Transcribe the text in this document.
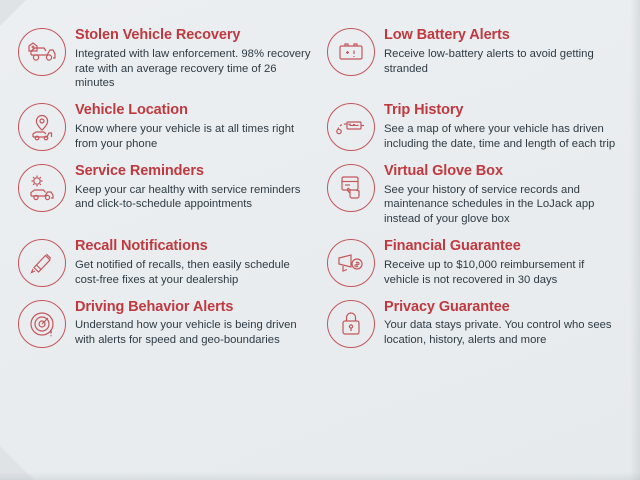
Stolen Vehicle Recovery
Integrated with law enforcement. 98% recovery rate with an average recovery time of 26 minutes
Low Battery Alerts
Receive low-battery alerts to avoid getting stranded
Vehicle Location
Know where your vehicle is at all times right from your phone
Trip History
See a map of where your vehicle has driven including the date, time and length of each trip
Service Reminders
Keep your car healthy with service reminders and click-to-schedule appointments
Virtual Glove Box
See your history of service records and maintenance schedules in the LoJack app instead of your glove box
Recall Notifications
Get notified of recalls, then easily schedule cost-free fixes at your dealership
Financial Guarantee
Receive up to $10,000 reimbursement if vehicle is not recovered in 30 days
Driving Behavior Alerts
Understand how your vehicle is being driven with alerts for speed and geo-boundaries
Privacy Guarantee
Your data stays private. You control who sees location, history, alerts and more
